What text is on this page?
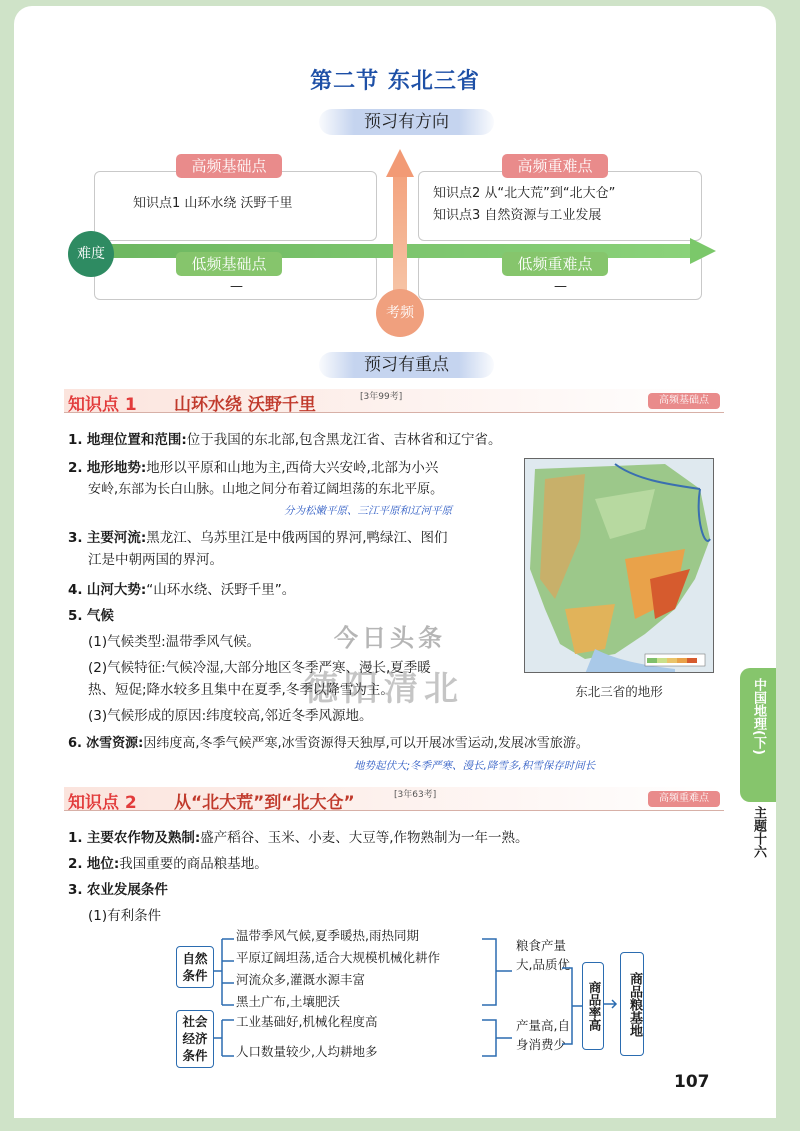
第二节 东北三省
预习有方向
知识点1 山环水绕 沃野千里
高频基础点
知识点2 从“北大荒”到“北大仓”
知识点3 自然资源与工业发展
高频重难点
—	—
低频基础点	低频重难点
难度
考频
预习有重点
知识点 1 山环水绕 沃野千里	[3年99考]	高频基础点
1. 地理位置和范围:位于我国的东北部,包含黑龙江省、吉林省和辽宁省。
2. 地形地势:地形以平原和山地为主,西倚大兴安岭,北部为小兴
安岭,东部为长白山脉。山地之间分布着辽阔坦荡的东北平原。
分为松嫩平原、三江平原和辽河平原
3. 主要河流:黑龙江、乌苏里江是中俄两国的界河,鸭绿江、图们
江是中朝两国的界河。
4. 山河大势:“山环水绕、沃野千里”。
5. 气候
(1)气候类型:温带季风气候。
(2)气候特征:气候冷湿,大部分地区冬季严寒、漫长,夏季暖
热、短促;降水较多且集中在夏季,冬季以降雪为主。
(3)气候形成的原因:纬度较高,邻近冬季风源地。
6. 冰雪资源:因纬度高,冬季气候严寒,冰雪资源得天独厚,可以开展冰雪运动,发展冰雪旅游。
地势起伏大;冬季严寒、漫长,降雪多,积雪保存时间长
东北三省的地形
知识点 2 从“北大荒”到“北大仓”	[3年63考]	高频重难点
1. 主要农作物及熟制:盛产稻谷、玉米、小麦、大豆等,作物熟制为一年一熟。
2. 地位:我国重要的商品粮基地。
3. 农业发展条件
(1)有利条件
自然条件
温带季风气候,夏季暖热,雨热同期
平原辽阔坦荡,适合大规模机械化耕作
河流众多,灌溉水源丰富
黑土广布,土壤肥沃
社会经济条件
工业基础好,机械化程度高
人口数量较少,人均耕地多
粮食产量大,品质优
产量高,自身消费少
商品率高	商品粮基地
今日头条
德阳清北	中国地理(下)
主题十六
107
